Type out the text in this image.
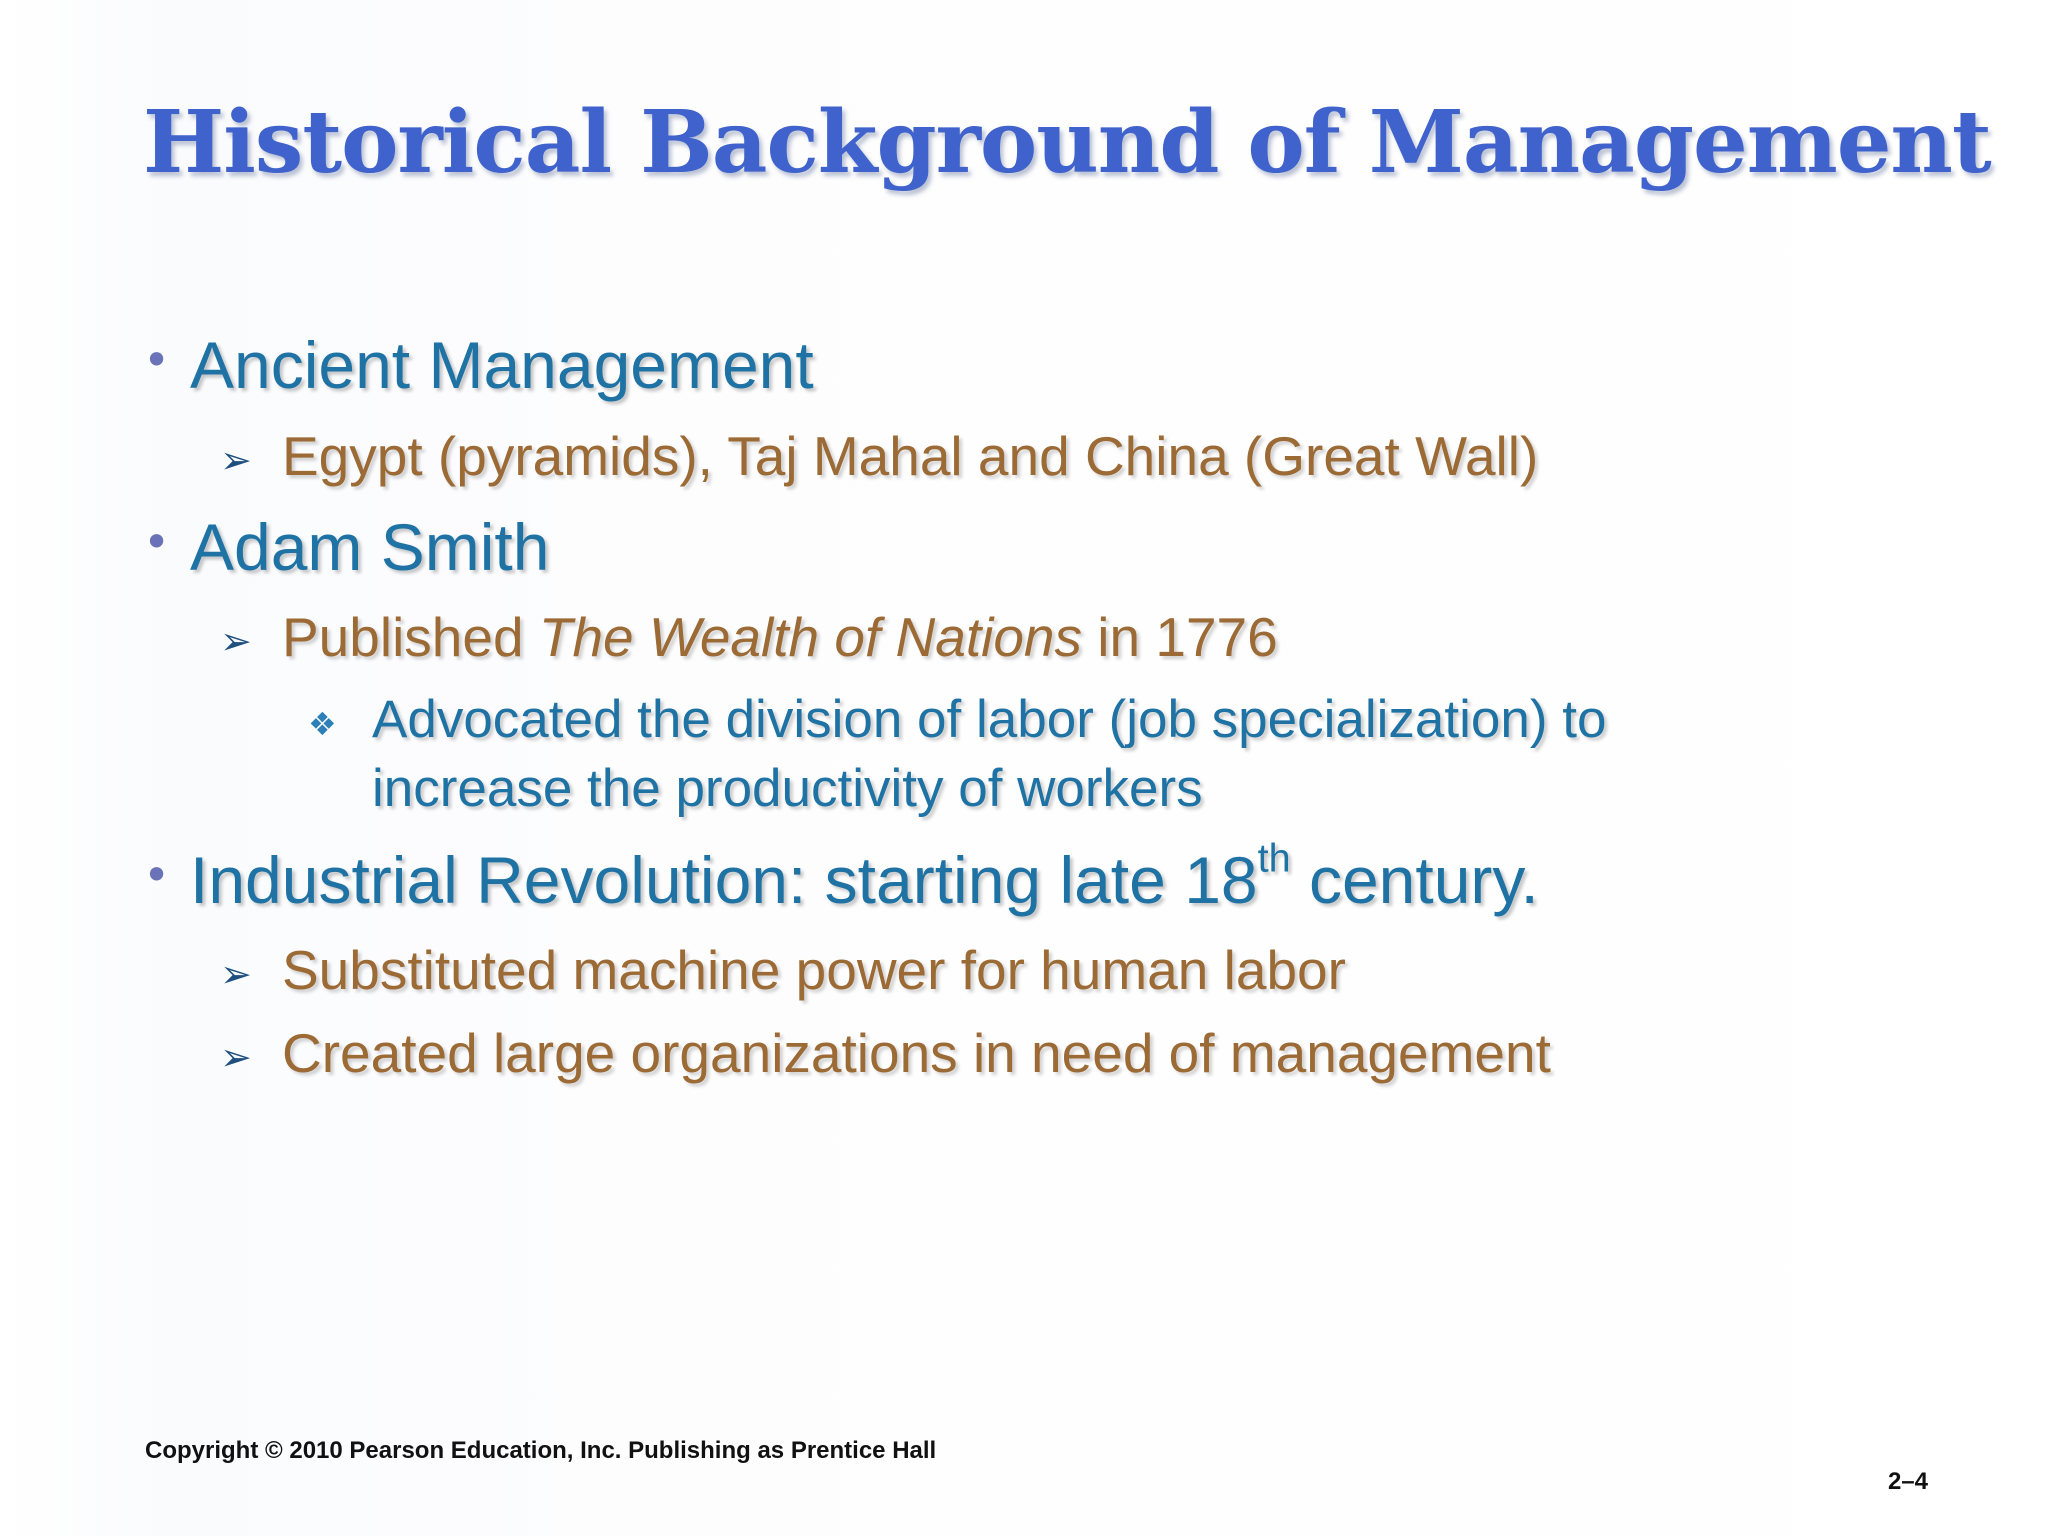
Historical Background of Management
• Ancient Management
➢ Egypt (pyramids), Taj Mahal and China (Great Wall)
• Adam Smith
➢ Published The Wealth of Nations in 1776
❖ Advocated the division of labor (job specialization) to
increase the productivity of workers
• Industrial Revolution: starting late 18th century.
➢ Substituted machine power for human labor
➢ Created large organizations in need of management
Copyright © 2010 Pearson Education, Inc. Publishing as Prentice Hall
2–4
